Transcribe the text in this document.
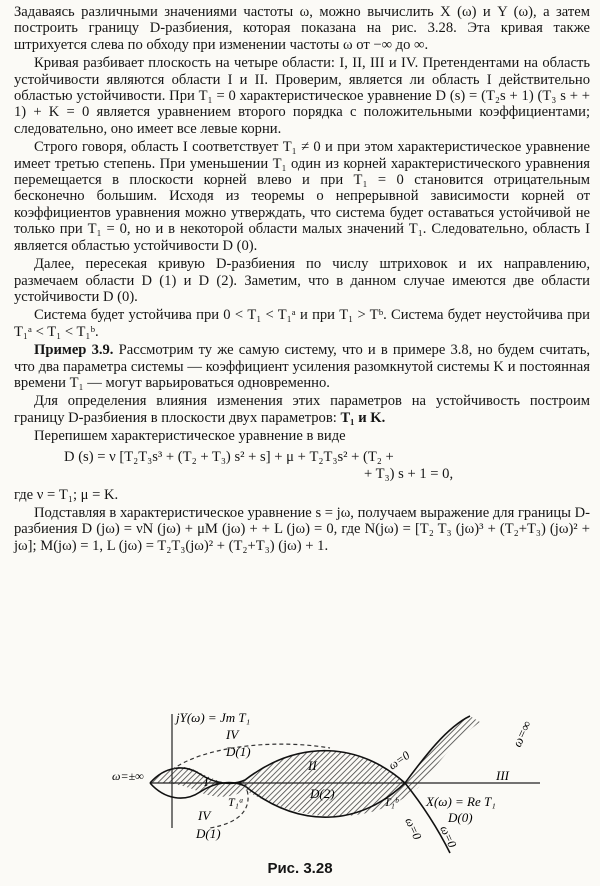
Задаваясь различными значениями частоты ω, можно вычислить X (ω) и Y (ω), а затем построить границу D-разбиения, которая показана на рис. 3.28. Эта кривая также штрихуется слева по обходу при изменении частоты ω от −∞ до ∞.

Кривая разбивает плоскость на четыре области: I, II, III и IV. Претендентами на область устойчивости являются области I и II. Проверим, является ли область I действительно областью устойчивости. При T₁ = 0 характеристическое уравнение D (s) = (T₂s + 1) (T₃ s + + 1) + K = 0 является уравнением второго порядка с положительными коэффициентами; следовательно, оно имеет все левые корни.

Строго говоря, область I соответствует T₁ ≠ 0 и при этом характеристическое уравнение имеет третью степень. При уменьшении T₁ один из корней характеристического уравнения перемещается в плоскости корней влево и при T₁ = 0 становится отрицательным бесконечно большим. Исходя из теоремы о непрерывной зависимости корней от коэффициентов уравнения можно утверждать, что система будет оставаться устойчивой не только при T₁ = 0, но и в некоторой области малых значений T₁. Следовательно, область I является областью устойчивости D (0).

Далее, пересекая кривую D-разбиения по числу штриховок и их направлению, размечаем области D (1) и D (2). Заметим, что в данном случае имеются две области устойчивости D (0).

Система будет устойчива при 0 < T₁ < T₁ᵃ и при T₁ > Tᵇ. Система будет неустойчива при T₁ᵃ < T₁ < T₁ᵇ.

Пример 3.9. Рассмотрим ту же самую систему, что и в примере 3.8, но будем считать, что два параметра системы — коэффициент усиления разомкнутой системы K и постоянная времени T₁ — могут варьироваться одновременно.

Для определения влияния изменения этих параметров на устойчивость построим границу D-разбиения в плоскости двух параметров: T₁ и K.

Перепишем характеристическое уравнение в виде

D (s) = ν [T₂T₃s³ + (T₂ + T₃) s² + s] + μ + T₂T₃s² + (T₂ +
+ T₃) s + 1 = 0,

где ν = T₁; μ = K.

Подставляя в характеристическое уравнение s = jω, получаем выражение для границы D-разбиения D (jω) = νN (jω) + μM (jω) + + L (jω) = 0, где N(jω) = [T₂ T₃ (jω)³ + (T₂+T₃) (jω)² + jω]; M(jω) = 1, L (jω) = T₂T₃(jω)² + (T₂+T₃) (jω) + 1.

jY(ω) = Jm T₁
X(ω) = Re T₁
ω=±∞
ω=∞
ω=0
ω=0 ω=0
IV
D(1)
I
II
III
D(2)
IV
D(1)
D(0)
T₁ᵃ	T₁ᵇ
Рис. 3.28
